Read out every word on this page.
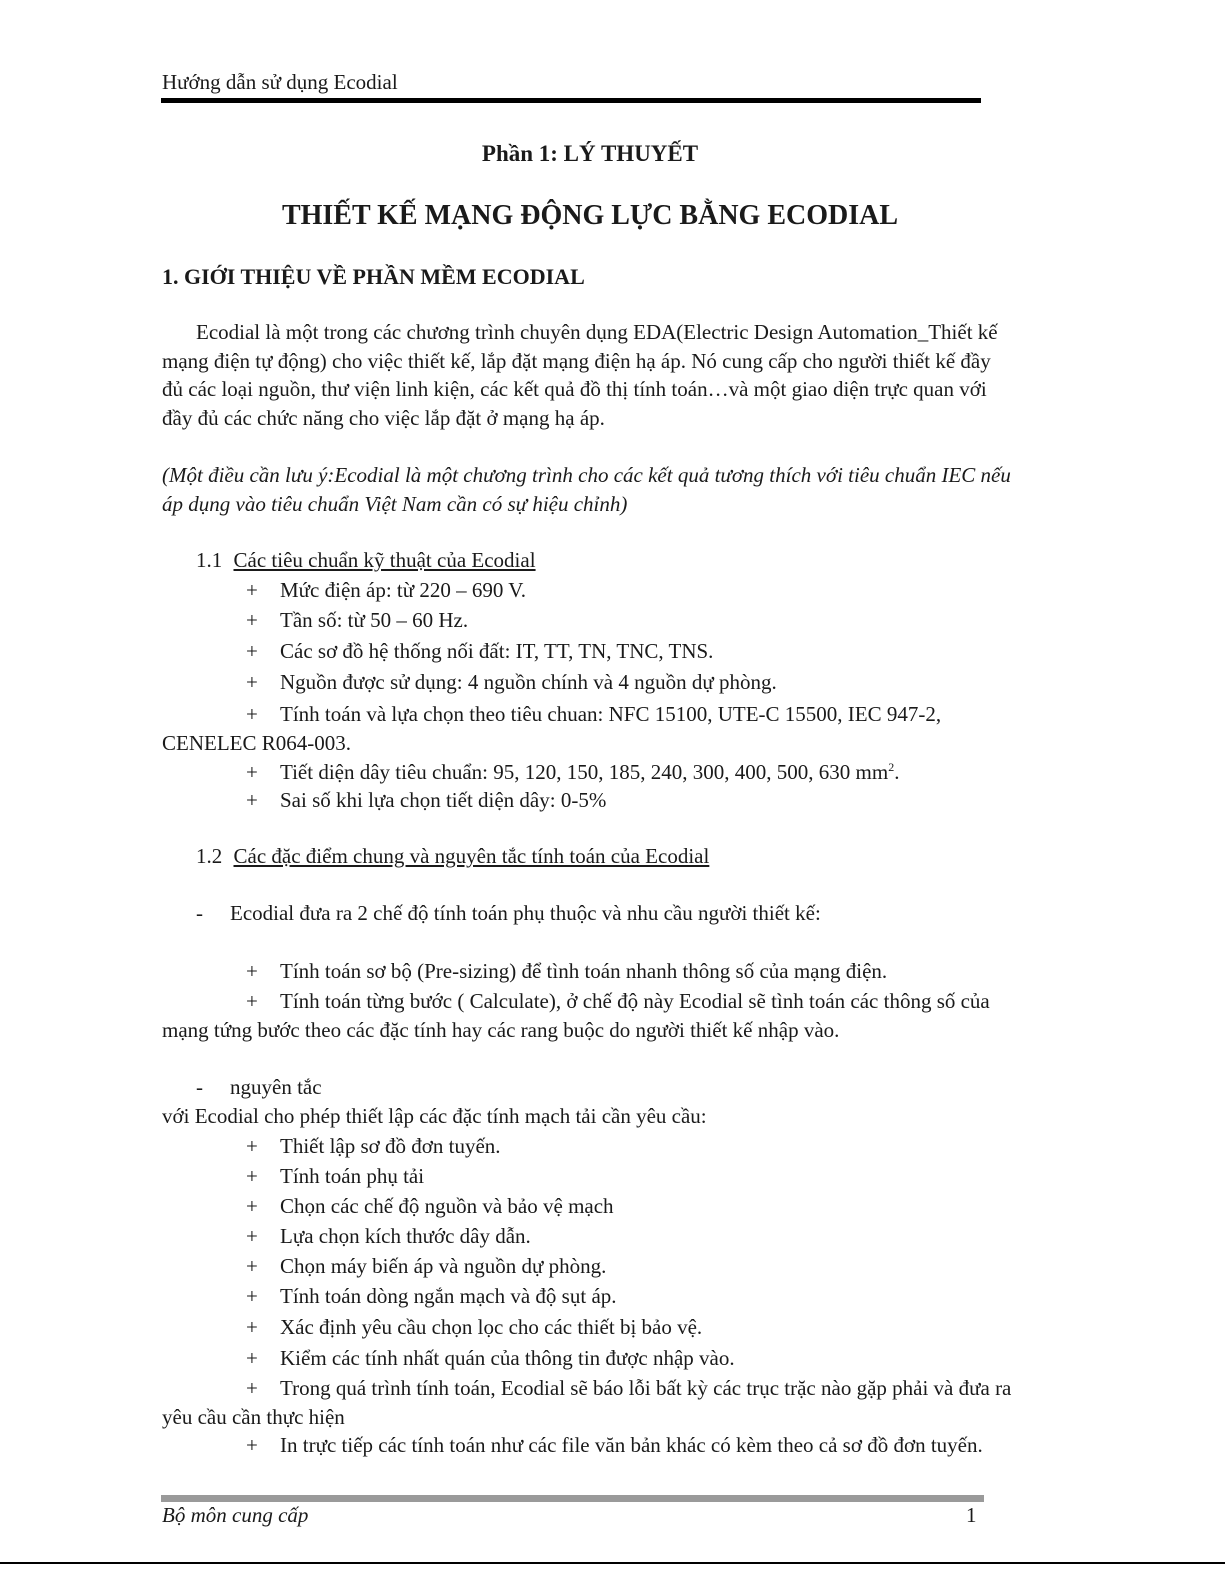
Hướng dẫn sử dụng Ecodial
Phần 1: LÝ THUYẾT
THIẾT KẾ MẠNG ĐỘNG LỰC BẰNG ECODIAL
1. GIỚI THIỆU VỀ PHẦN MỀM ECODIAL

Ecodial là một trong các chương trình chuyên dụng EDA(Electric Design Automation_Thiết kế mạng điện tự động) cho việc thiết kế, lắp đặt mạng điện hạ áp. Nó cung cấp cho người thiết kế đầy đủ các loại nguồn, thư viện linh kiện, các kết quả đồ thị tính toán…và một giao diện trực quan với đầy đủ các chức năng cho việc lắp đặt ở mạng hạ áp.

(Một điều cần lưu ý:Ecodial là một chương trình cho các kết quả tương thích với tiêu chuẩn IEC nếu áp dụng vào tiêu chuẩn Việt Nam cần có sự hiệu chỉnh)

1.1 Các tiêu chuẩn kỹ thuật của Ecodial
+ Mức điện áp: từ 220 – 690 V.
+ Tần số: từ 50 – 60 Hz.
+ Các sơ đồ hệ thống nối đất: IT, TT, TN, TNC, TNS.
+ Nguồn được sử dụng: 4 nguồn chính và 4 nguồn dự phòng.

+ Tính toán và lựa chọn theo tiêu chuan: NFC 15100, UTE-C 15500, IEC 947-2, CENELEC R064-003.

+ Tiết diện dây tiêu chuẩn: 95, 120, 150, 185, 240, 300, 400, 500, 630 $mm^2$.
+ Sai số khi lựa chọn tiết diện dây: 0-5%
1.2 Các đặc điểm chung và nguyên tắc tính toán của Ecodial
- Ecodial đưa ra 2 chế độ tính toán phụ thuộc và nhu cầu người thiết kế:
+ Tính toán sơ bộ (Pre-sizing) để tình toán nhanh thông số của mạng điện.

+ Tính toán từng bước ( Calculate), ở chế độ này Ecodial sẽ tình toán các thông số của mạng tứng bước theo các đặc tính hay các rang buộc do người thiết kế nhập vào.

- nguyên tắc
với Ecodial cho phép thiết lập các đặc tính mạch tải cần yêu cầu:
+ Thiết lập sơ đồ đơn tuyến.
+ Tính toán phụ tải
+ Chọn các chế độ nguồn và bảo vệ mạch
+ Lựa chọn kích thước dây dẫn.
+ Chọn máy biến áp và nguồn dự phòng.
+ Tính toán dòng ngắn mạch và độ sụt áp.
+ Xác định yêu cầu chọn lọc cho các thiết bị bảo vệ.
+ Kiểm các tính nhất quán của thông tin được nhập vào.

+ Trong quá trình tính toán, Ecodial sẽ báo lỗi bất kỳ các trục trặc nào gặp phải và đưa ra yêu cầu cần thực hiện

+ In trực tiếp các tính toán như các file văn bản khác có kèm theo cả sơ đồ đơn tuyến.

Bộ môn cung cấp	1
